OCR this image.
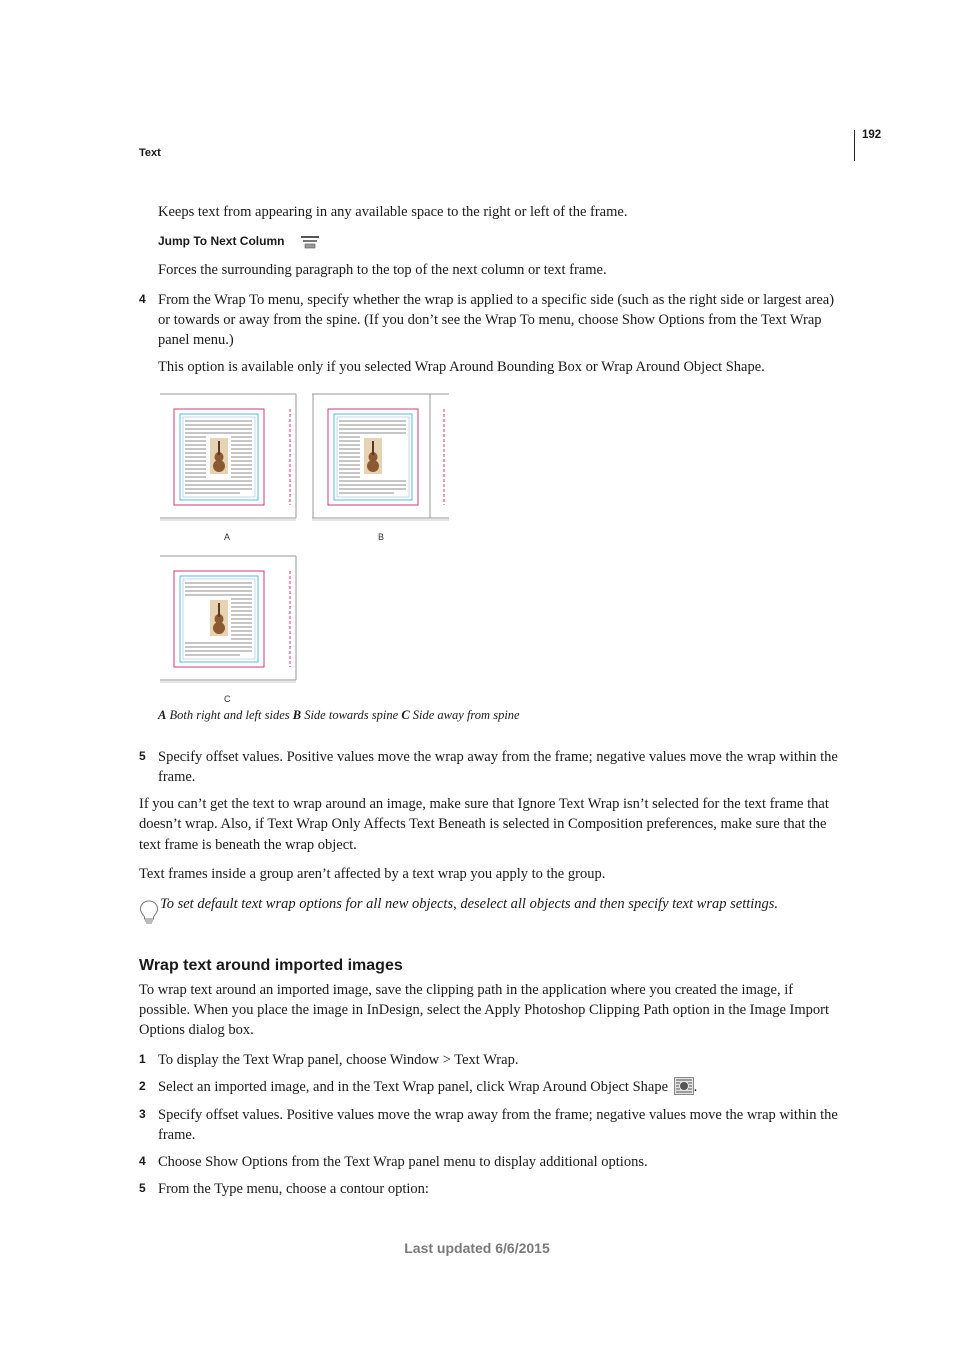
192
Text
Keeps text from appearing in any available space to the right or left of the frame.
Jump To Next Column
Forces the surrounding paragraph to the top of the next column or text frame.
4 From the Wrap To menu, specify whether the wrap is applied to a specific side (such as the right side or largest area)
or towards or away from the spine. (If you don’t see the Wrap To menu, choose Show Options from the Text Wrap
panel menu.)
This option is available only if you selected Wrap Around Bounding Box or Wrap Around Object Shape.
A	B
C
A Both right and left sides B Side towards spine C Side away from spine
5 Specify offset values. Positive values move the wrap away from the frame; negative values move the wrap within the
frame.
If you can’t get the text to wrap around an image, make sure that Ignore Text Wrap isn’t selected for the text frame that
doesn’t wrap. Also, if Text Wrap Only Affects Text Beneath is selected in Composition preferences, make sure that the
text frame is beneath the wrap object.
Text frames inside a group aren’t affected by a text wrap you apply to the group.
To set default text wrap options for all new objects, deselect all objects and then specify text wrap settings.
Wrap text around imported images
To wrap text around an imported image, save the clipping path in the application where you created the image, if
possible. When you place the image in InDesign, select the Apply Photoshop Clipping Path option in the Image Import
Options dialog box.
1 To display the Text Wrap panel, choose Window > Text Wrap.
2 Select an imported image, and in the Text Wrap panel, click Wrap Around Object Shape .
3 Specify offset values. Positive values move the wrap away from the frame; negative values move the wrap within the
frame.
4 Choose Show Options from the Text Wrap panel menu to display additional options.
5 From the Type menu, choose a contour option:
Last updated 6/6/2015
